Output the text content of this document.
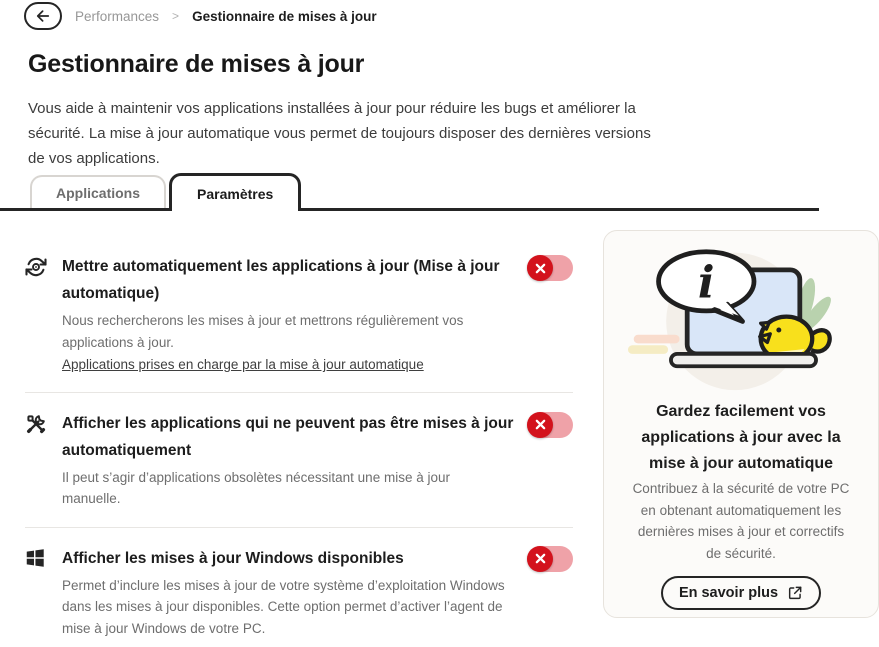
Performances > Gestionnaire de mises à jour
Gestionnaire de mises à jour
Vous aide à maintenir vos applications installées à jour pour réduire les bugs et améliorer la
sécurité. La mise à jour automatique vous permet de toujours disposer des dernières versions
de vos applications.
Applications	Paramètres
Mettre automatiquement les applications à jour (Mise à jour
automatique)
Nous rechercherons les mises à jour et mettrons régulièrement vos
applications à jour.
Applications prises en charge par la mise à jour automatique
Afficher les applications qui ne peuvent pas être mises à jour
automatiquement
Il peut s’agir d’applications obsolètes nécessitant une mise à jour
manuelle.
Afficher les mises à jour Windows disponibles
Permet d’inclure les mises à jour de votre système d’exploitation Windows
dans les mises à jour disponibles. Cette option permet d’activer l’agent de
mise à jour Windows de votre PC.
i
Gardez facilement vos
applications à jour avec la
mise à jour automatique
Contribuez à la sécurité de votre PC
en obtenant automatiquement les
dernières mises à jour et correctifs
de sécurité.
En savoir plus
